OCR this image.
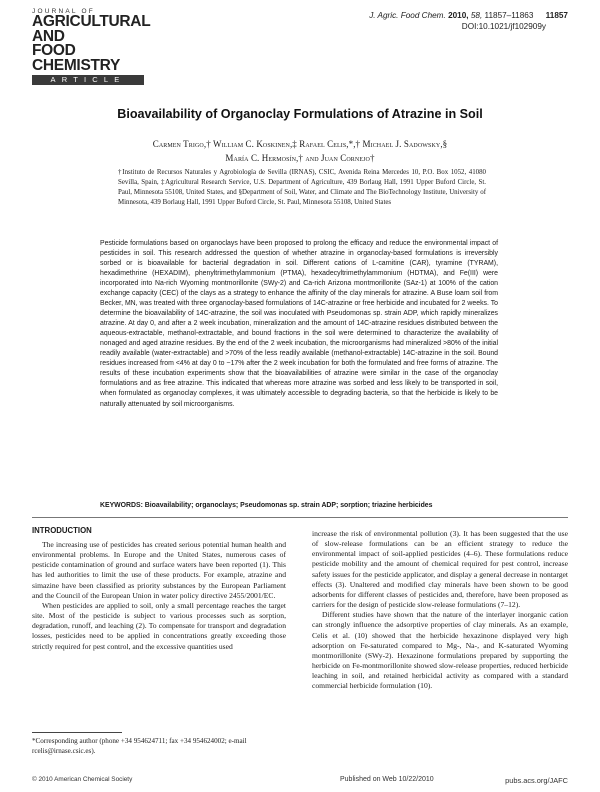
JOURNAL OF
AGRICULTURAL AND
FOOD CHEMISTRY
ARTICLE
J. Agric. Food Chem. 2010, 58, 11857–11863 11857
DOI:10.1021/jf102909y
Bioavailability of Organoclay Formulations of Atrazine in Soil
Carmen Trigo,† William C. Koskinen,‡ Rafael Celis,*,† Michael J. Sadowsky,§
María C. Hermosín,† and Juan Cornejo†
†Instituto de Recursos Naturales y Agrobiología de Sevilla (IRNAS), CSIC, Avenida Reina Mercedes 10, P.O. Box 1052, 41080 Sevilla, Spain, ‡Agricultural Research Service, U.S. Department of Agriculture, 439 Borlaug Hall, 1991 Upper Buford Circle, St. Paul, Minnesota 55108, United States, and §Department of Soil, Water, and Climate and The BioTechnology Institute, University of Minnesota, 439 Borlaug Hall, 1991 Upper Buford Circle, St. Paul, Minnesota 55108, United States

Pesticide formulations based on organoclays have been proposed to prolong the efficacy and reduce the environmental impact of pesticides in soil. This research addressed the question of whether atrazine in organoclay-based formulations is irreversibly sorbed or is bioavailable for bacterial degradation in soil. Different cations of L-carnitine (CAR), tyramine (TYRAM), hexadimethrine (HEXADIM), phenyltrimethylammonium (PTMA), hexadecyltrimethylammonium (HDTMA), and Fe(III) were incorporated into Na-rich Wyoming montmorillonite (SWy-2) and Ca-rich Arizona montmorillonite (SAz-1) at 100% of the cation exchange capacity (CEC) of the clays as a strategy to enhance the affinity of the clay minerals for atrazine. A Buse loam soil from Becker, MN, was treated with three organoclay-based formulations of 14C-atrazine or free herbicide and incubated for 2 weeks. To determine the bioavailability of 14C-atrazine, the soil was inoculated with Pseudomonas sp. strain ADP, which rapidly mineralizes atrazine. At day 0, and after a 2 week incubation, mineralization and the amount of 14C-atrazine residues distributed between the aqueous-extractable, methanol-extractable, and bound fractions in the soil were determined to characterize the availability of nonaged and aged atrazine residues. By the end of the 2 week incubation, the microorganisms had mineralized >80% of the initial readily available (water-extractable) and >70% of the less readily available (methanol-extractable) 14C-atrazine in the soil. Bound residues increased from <4% at day 0 to ~17% after the 2 week incubation for both the formulated and free forms of atrazine. The results of these incubation experiments show that the bioavailabilities of atrazine were similar in the case of the organoclay formulations and as free atrazine. This indicated that whereas more atrazine was sorbed and less likely to be transported in soil, when formulated as organoclay complexes, it was ultimately accessible to degrading bacteria, so that the herbicide is likely to be naturally attenuated by soil microorganisms.

KEYWORDS: Bioavailability; organoclays; Pseudomonas sp. strain ADP; sorption; triazine herbicides
INTRODUCTION

The increasing use of pesticides has created serious potential human health and environmental problems. In Europe and the United States, numerous cases of pesticide contamination of ground and surface waters have been reported (1). This has led authorities to limit the use of these products. For example, atrazine and simazine have been classified as priority substances by the European Parliament and the Council of the European Union in water policy directive 2455/2001/EC.

When pesticides are applied to soil, only a small percentage reaches the target site. Most of the pesticide is subject to various processes such as sorption, degradation, runoff, and leaching (2). To compensate for transport and degradation losses, pesticides need to be applied in concentrations greatly exceeding those strictly required for pest control, and the excessive quantities used

increase the risk of environmental pollution (3). It has been suggested that the use of slow-release formulations can be an efficient strategy to reduce the environmental impact of soil-applied pesticides (4–6). These formulations reduce pesticide mobility and the amount of chemical required for pest control, increase safety issues for the pesticide applicator, and display a general decrease in nontarget effects (3). Unaltered and modified clay minerals have been shown to be good adsorbents for different classes of pesticides and, therefore, have been proposed as carriers for the design of pesticide slow-release formulations (7–12).

Different studies have shown that the nature of the interlayer inorganic cation can strongly influence the adsorptive properties of clay minerals. As an example, Celis et al. (10) showed that the herbicide hexazinone displayed very high adsorption on Fe-saturated compared to Mg-, Na-, and K-saturated Wyoming montmorillonite (SWy-2). Hexazinone formulations prepared by supporting the herbicide on Fe-montmorillonite showed slow-release properties, reduced herbicide leaching in soil, and retained herbicidal activity as compared with a standard commercial herbicide formulation (10).

*Corresponding author (phone +34 954624711; fax +34 954624002; e-mail rcelis@irnase.csic.es).
© 2010 American Chemical Society	Published on Web 10/22/2010	pubs.acs.org/JAFC
